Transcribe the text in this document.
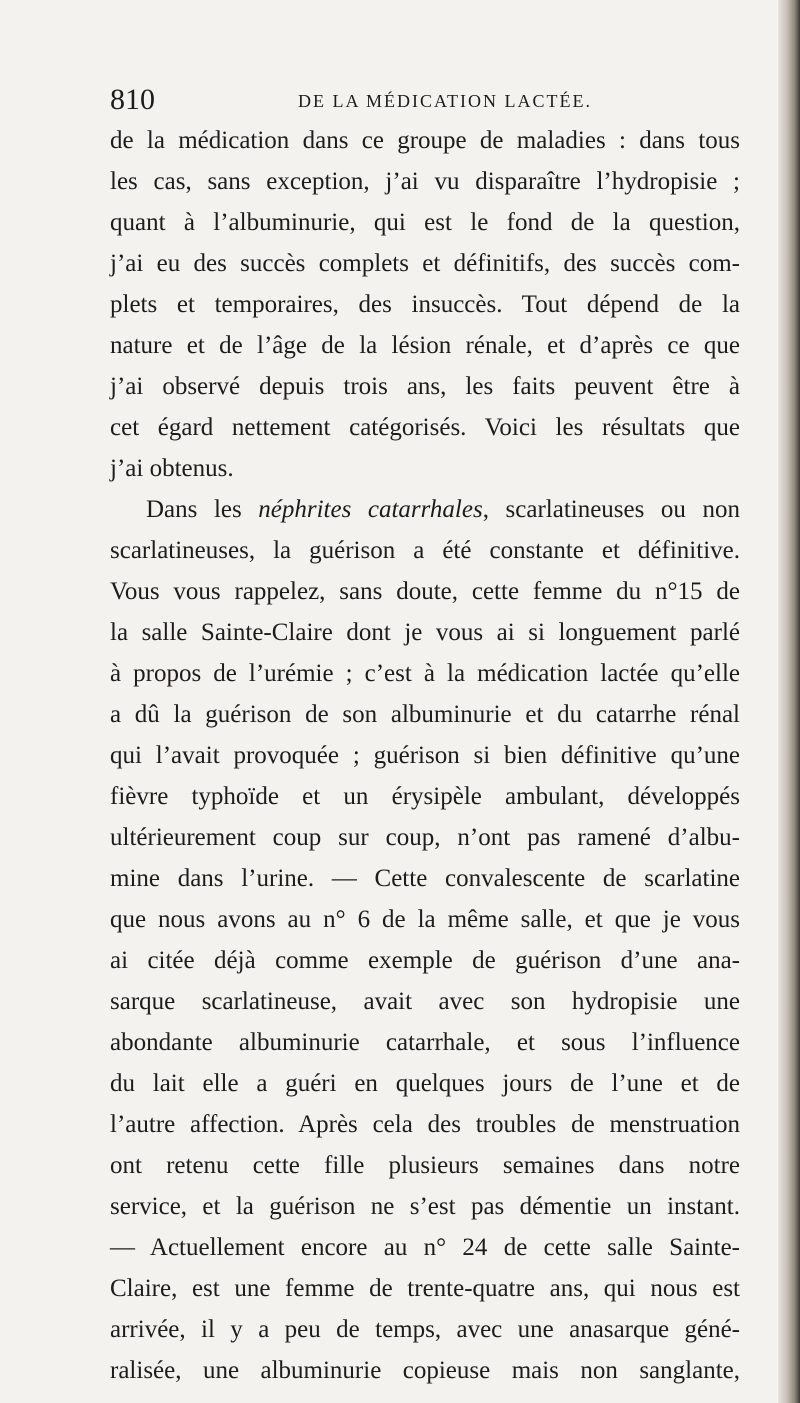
810	DE LA MÉDICATION LACTÉE.
de la médication dans ce groupe de maladies : dans tous
les cas, sans exception, j’ai vu disparaître l’hydropisie ;
quant à l’albuminurie, qui est le fond de la question,
j’ai eu des succès complets et définitifs, des succès com-
plets et temporaires, des insuccès. Tout dépend de la
nature et de l’âge de la lésion rénale, et d’après ce que
j’ai observé depuis trois ans, les faits peuvent être à
cet égard nettement catégorisés. Voici les résultats que
j’ai obtenus.
Dans les néphrites catarrhales, scarlatineuses ou non
scarlatineuses, la guérison a été constante et définitive.
Vous vous rappelez, sans doute, cette femme du n°15 de
la salle Sainte-Claire dont je vous ai si longuement parlé
à propos de l’urémie ; c’est à la médication lactée qu’elle
a dû la guérison de son albuminurie et du catarrhe rénal
qui l’avait provoquée ; guérison si bien définitive qu’une
fièvre typhoïde et un érysipèle ambulant, développés
ultérieurement coup sur coup, n’ont pas ramené d’albu-
mine dans l’urine. — Cette convalescente de scarlatine
que nous avons au n° 6 de la même salle, et que je vous
ai citée déjà comme exemple de guérison d’une ana-
sarque scarlatineuse, avait avec son hydropisie une
abondante albuminurie catarrhale, et sous l’influence
du lait elle a guéri en quelques jours de l’une et de
l’autre affection. Après cela des troubles de menstruation
ont retenu cette fille plusieurs semaines dans notre
service, et la guérison ne s’est pas démentie un instant.
— Actuellement encore au n° 24 de cette salle Sainte-
Claire, est une femme de trente-quatre ans, qui nous est
arrivée, il y a peu de temps, avec une anasarque géné-
ralisée, une albuminurie copieuse mais non sanglante,
